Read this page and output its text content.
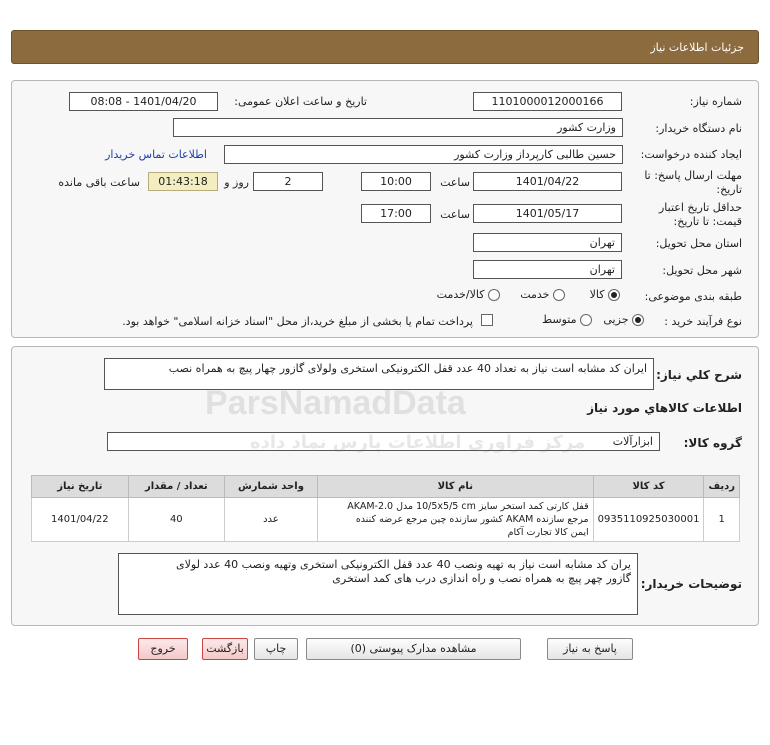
جزئیات اطلاعات نیاز
شماره نیاز:
1101000012000166
تاریخ و ساعت اعلان عمومی:
1401/04/20 - 08:08
نام دستگاه خریدار:
وزارت کشور
ایجاد کننده درخواست:
حسین طالبی کارپرداز وزارت کشور
اطلاعات تماس خریدار
مهلت ارسال پاسخ: تا
تاریخ:
1401/04/22
ساعت
10:00
2
روز و
01:43:18
ساعت باقی مانده
حداقل تاریخ اعتبار
قیمت: تا تاریخ:
1401/05/17
ساعت
17:00
استان محل تحویل:
تهران
شهر محل تحویل:
تهران
طبقه بندی موضوعی:
کالا
خدمت
کالا/خدمت
نوع فرآیند خرید :
جزیی
متوسط
پرداخت تمام یا بخشی از مبلغ خرید،از محل "اسناد خزانه اسلامی" خواهد بود.
شرح کلي نياز:
ایران کد مشابه است نیاز به تعداد 40 عدد قفل الکترونیکی استخری ولولای گازور چهار پیچ به همراه نصب
اطلاعات کالاهاي مورد نياز
گروه کالا:
ابزارآلات
ردیف	کد کالا	نام کالا	واحد شمارش	تعداد / مقدار	تاریخ نیاز
1	0935110925030001	قفل کارتی کمد استخر سایز 10/5x5/5 cm مدل AKAM-2.0
مرجع سازنده AKAM کشور سازنده چین مرجع عرضه کننده
ایمن کالا تجارت آکام	عدد	40	1401/04/22
توضیحات خریدار:
یران کد مشابه است نیاز به تهیه ونصب 40 عدد قفل الکترونیکی استخری وتهیه ونصب 40 عدد لولای
گازور چهر پیچ به همراه نصب و راه اندازی درب های کمد استخری
پاسخ به نیاز
مشاهده مدارک پیوستی (0)
چاپ
بازگشت
خروج
